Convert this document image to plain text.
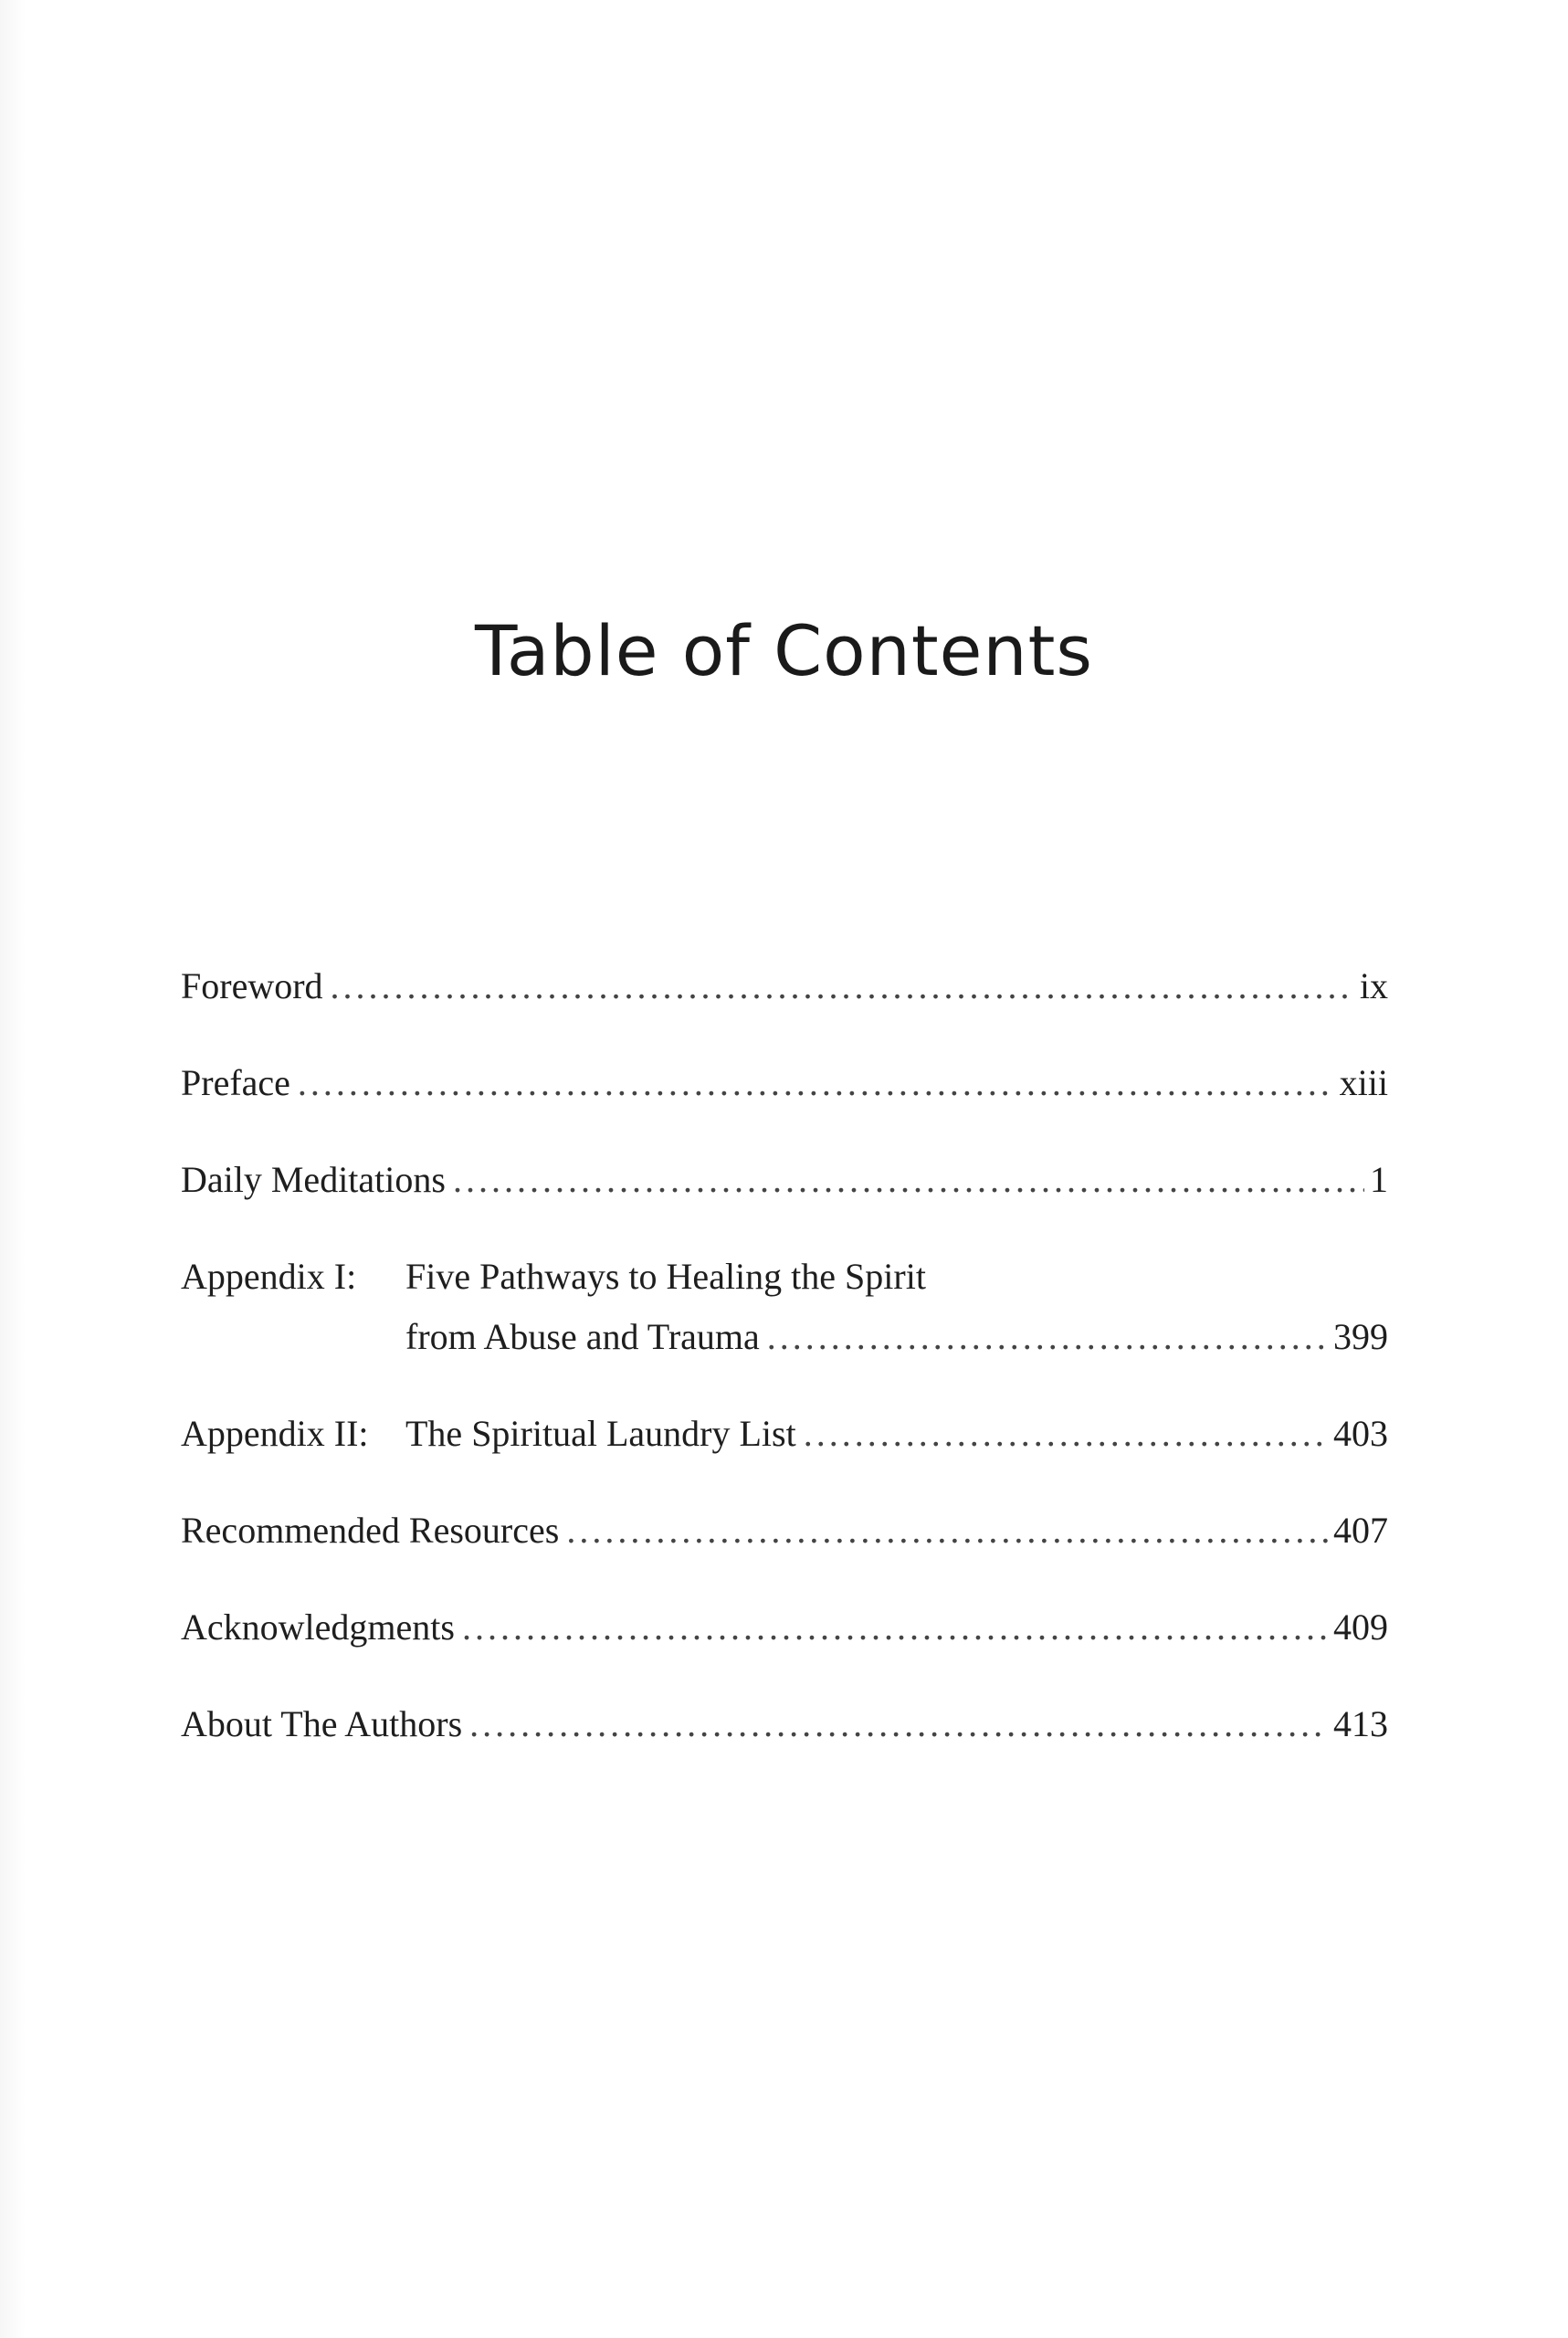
Table of Contents
Foreword .....	ix
Preface .....	xiii
Daily Meditations .....	1
Appendix I:	Five Pathways to Healing the Spirit
from Abuse and Trauma .....	399
Appendix II:	The Spiritual Laundry List .....	403
Recommended Resources .....	407
Acknowledgments .....	409
About The Authors .....	413
